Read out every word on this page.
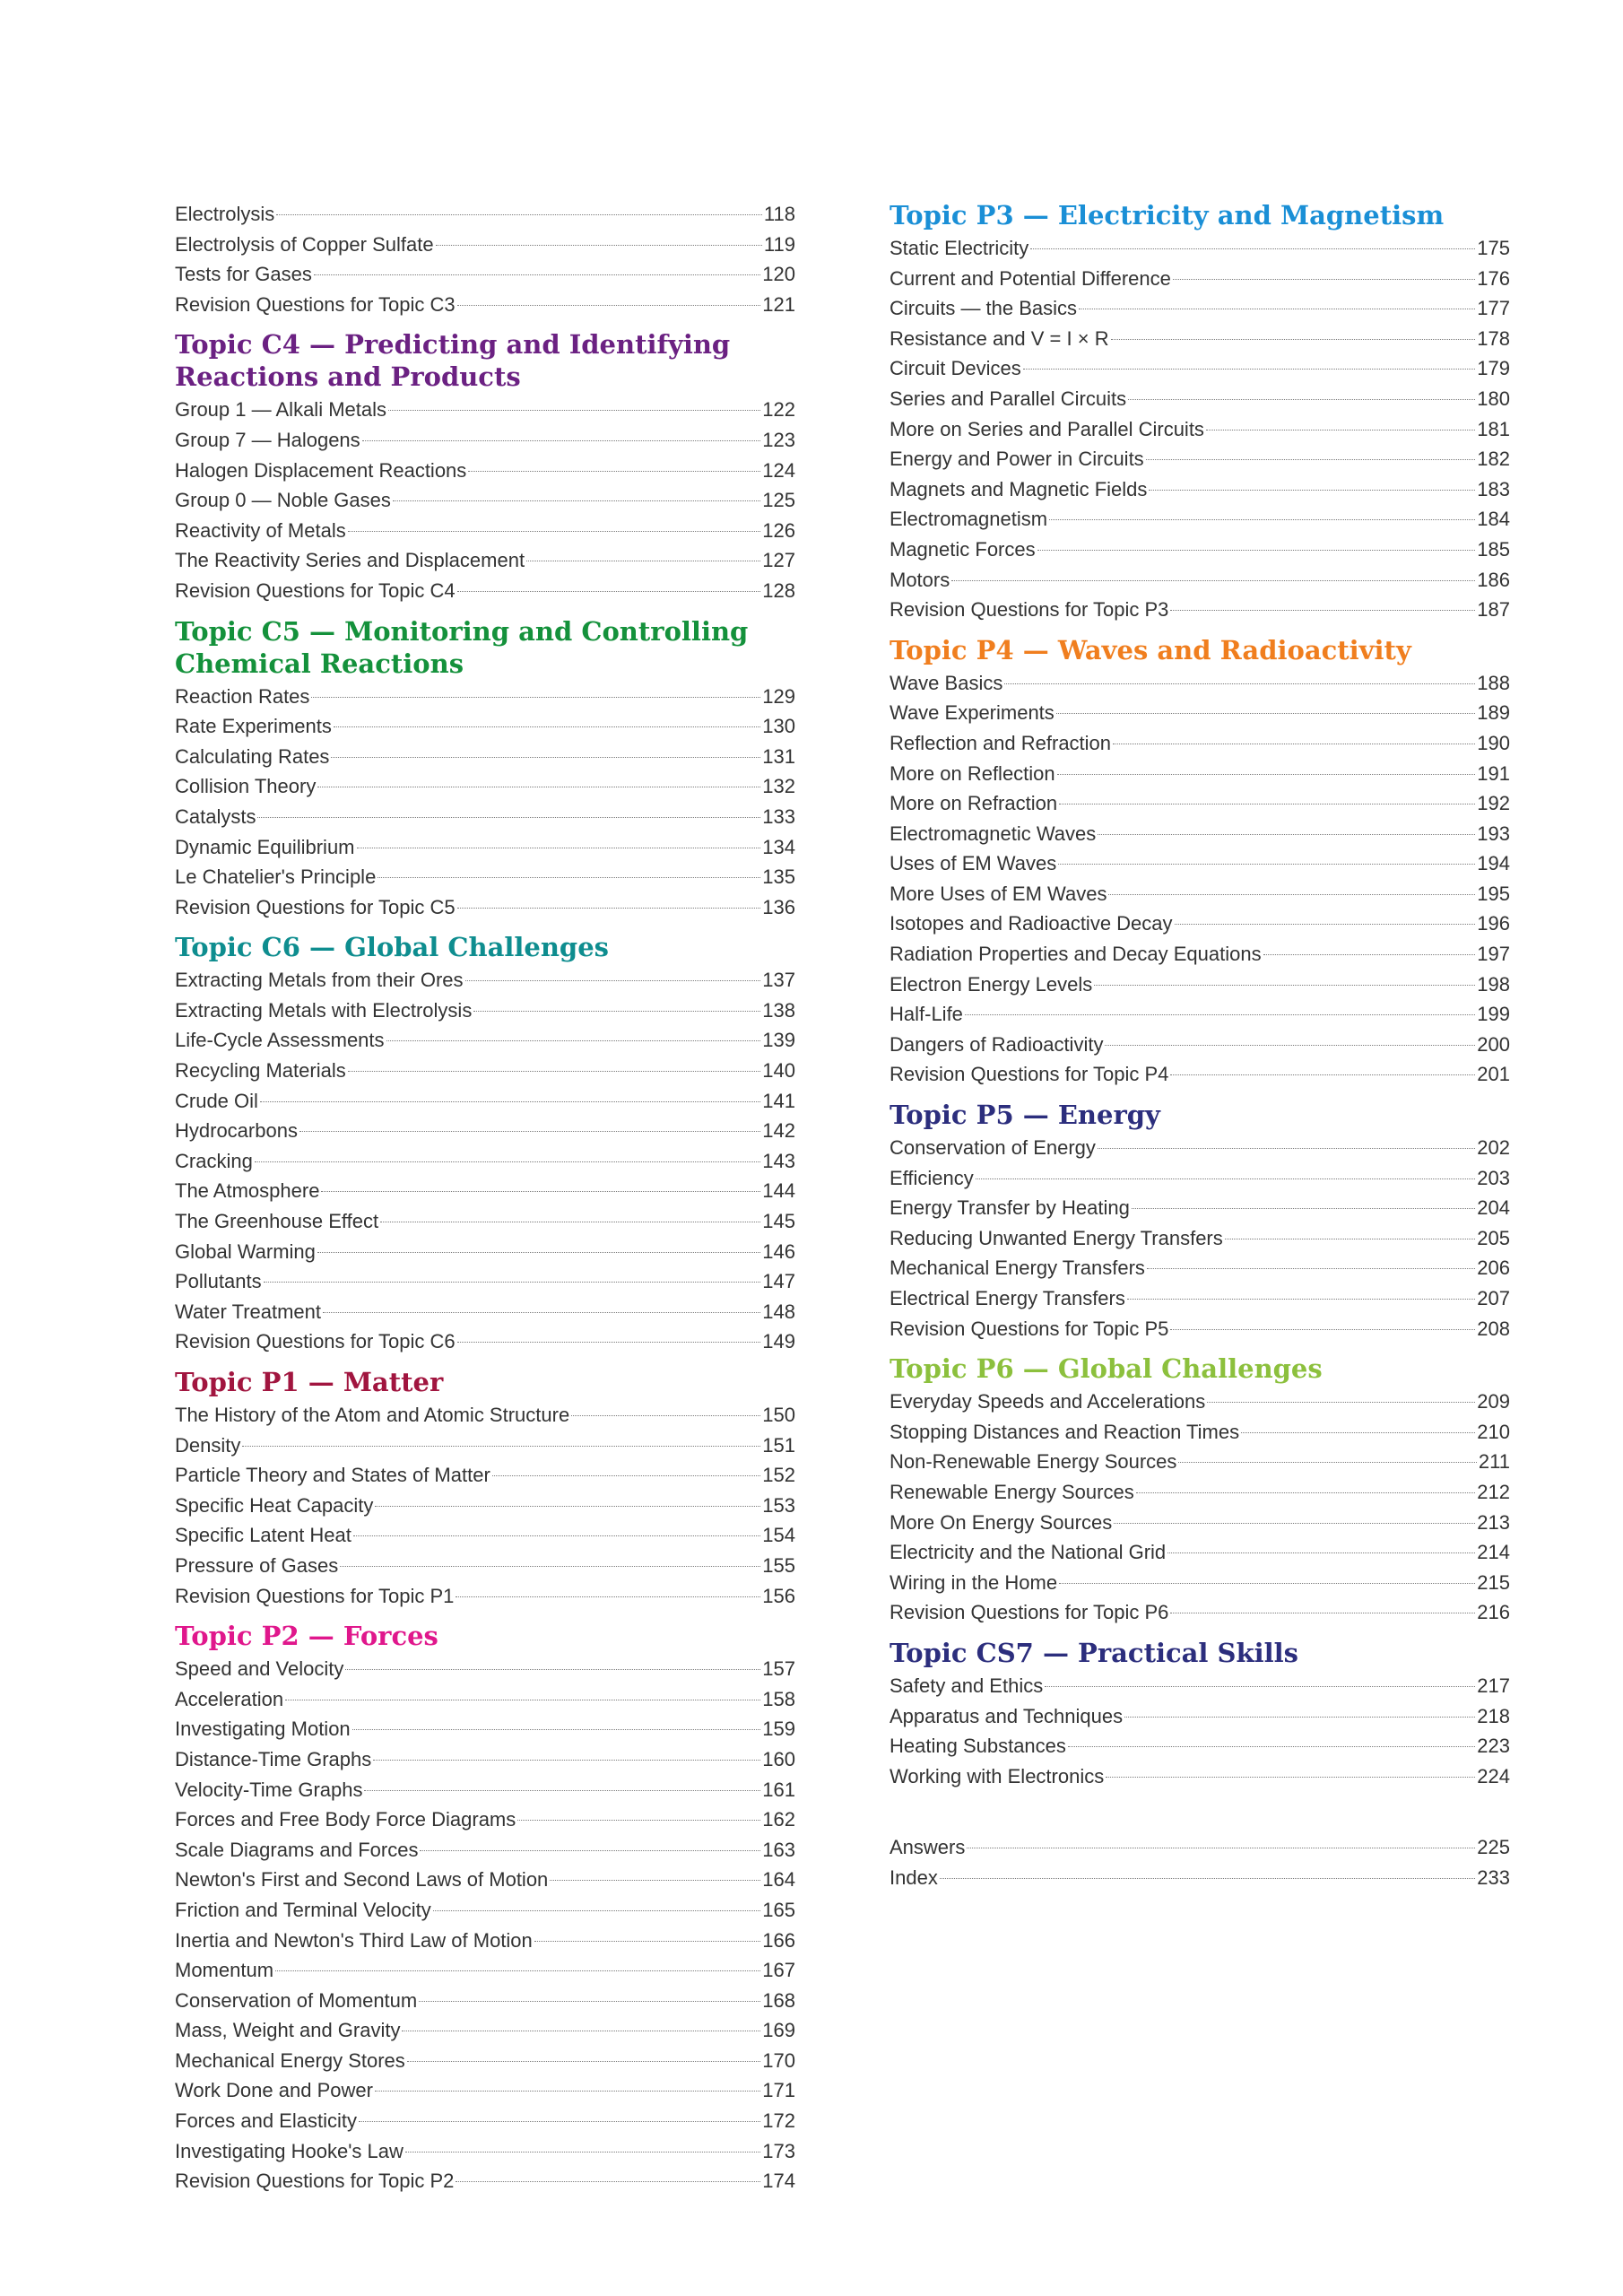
Electrolysis	118
Electrolysis of Copper Sulfate	119
Tests for Gases	120
Revision Questions for Topic C3	121
Topic C4 — Predicting and Identifying Reactions and Products
Group 1 — Alkali Metals	122
Group 7 — Halogens	123
Halogen Displacement Reactions	124
Group 0 — Noble Gases	125
Reactivity of Metals	126
The Reactivity Series and Displacement	127
Revision Questions for Topic C4	128
Topic C5 — Monitoring and Controlling Chemical Reactions
Reaction Rates	129
Rate Experiments	130
Calculating Rates	131
Collision Theory	132
Catalysts	133
Dynamic Equilibrium	134
Le Chatelier's Principle	135
Revision Questions for Topic C5	136
Topic C6 — Global Challenges
Extracting Metals from their Ores	137
Extracting Metals with Electrolysis	138
Life-Cycle Assessments	139
Recycling Materials	140
Crude Oil	141
Hydrocarbons	142
Cracking	143
The Atmosphere	144
The Greenhouse Effect	145
Global Warming	146
Pollutants	147
Water Treatment	148
Revision Questions for Topic C6	149
Topic P1 — Matter
The History of the Atom and Atomic Structure	150
Density	151
Particle Theory and States of Matter	152
Specific Heat Capacity	153
Specific Latent Heat	154
Pressure of Gases	155
Revision Questions for Topic P1	156
Topic P2 — Forces
Speed and Velocity	157
Acceleration	158
Investigating Motion	159
Distance-Time Graphs	160
Velocity-Time Graphs	161
Forces and Free Body Force Diagrams	162
Scale Diagrams and Forces	163
Newton's First and Second Laws of Motion	164
Friction and Terminal Velocity	165
Inertia and Newton's Third Law of Motion	166
Momentum	167
Conservation of Momentum	168
Mass, Weight and Gravity	169
Mechanical Energy Stores	170
Work Done and Power	171
Forces and Elasticity	172
Investigating Hooke's Law	173
Revision Questions for Topic P2	174
Topic P3 — Electricity and Magnetism
Static Electricity	175
Current and Potential Difference	176
Circuits — the Basics	177
Resistance and V = I × R	178
Circuit Devices	179
Series and Parallel Circuits	180
More on Series and Parallel Circuits	181
Energy and Power in Circuits	182
Magnets and Magnetic Fields	183
Electromagnetism	184
Magnetic Forces	185
Motors	186
Revision Questions for Topic P3	187
Topic P4 — Waves and Radioactivity
Wave Basics	188
Wave Experiments	189
Reflection and Refraction	190
More on Reflection	191
More on Refraction	192
Electromagnetic Waves	193
Uses of EM Waves	194
More Uses of EM Waves	195
Isotopes and Radioactive Decay	196
Radiation Properties and Decay Equations	197
Electron Energy Levels	198
Half-Life	199
Dangers of Radioactivity	200
Revision Questions for Topic P4	201
Topic P5 — Energy
Conservation of Energy	202
Efficiency	203
Energy Transfer by Heating	204
Reducing Unwanted Energy Transfers	205
Mechanical Energy Transfers	206
Electrical Energy Transfers	207
Revision Questions for Topic P5	208
Topic P6 — Global Challenges
Everyday Speeds and Accelerations	209
Stopping Distances and Reaction Times	210
Non-Renewable Energy Sources	211
Renewable Energy Sources	212
More On Energy Sources	213
Electricity and the National Grid	214
Wiring in the Home	215
Revision Questions for Topic P6	216
Topic CS7 — Practical Skills
Safety and Ethics	217
Apparatus and Techniques	218
Heating Substances	223
Working with Electronics	224
Answers	225
Index	233
